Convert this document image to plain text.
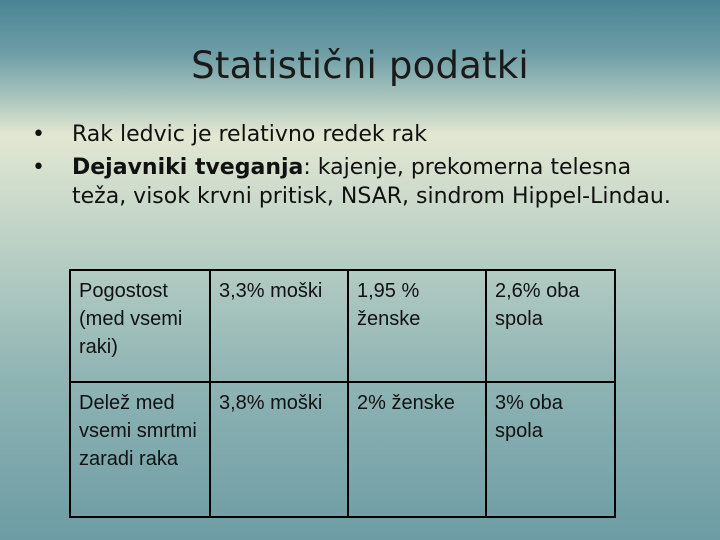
Statistični podatki
• Rak ledvic je relativno redek rak
• Dejavniki tveganja: kajenje, prekomerna telesna teža, visok krvni pritisk, NSAR, sindrom Hippel-Lindau.
Pogostost (med vsemi raki)	3,3% moški	1,95 % ženske	2,6% oba spola
Delež med vsemi smrtmi zaradi raka	3,8% moški	2% ženske	3% oba spola
